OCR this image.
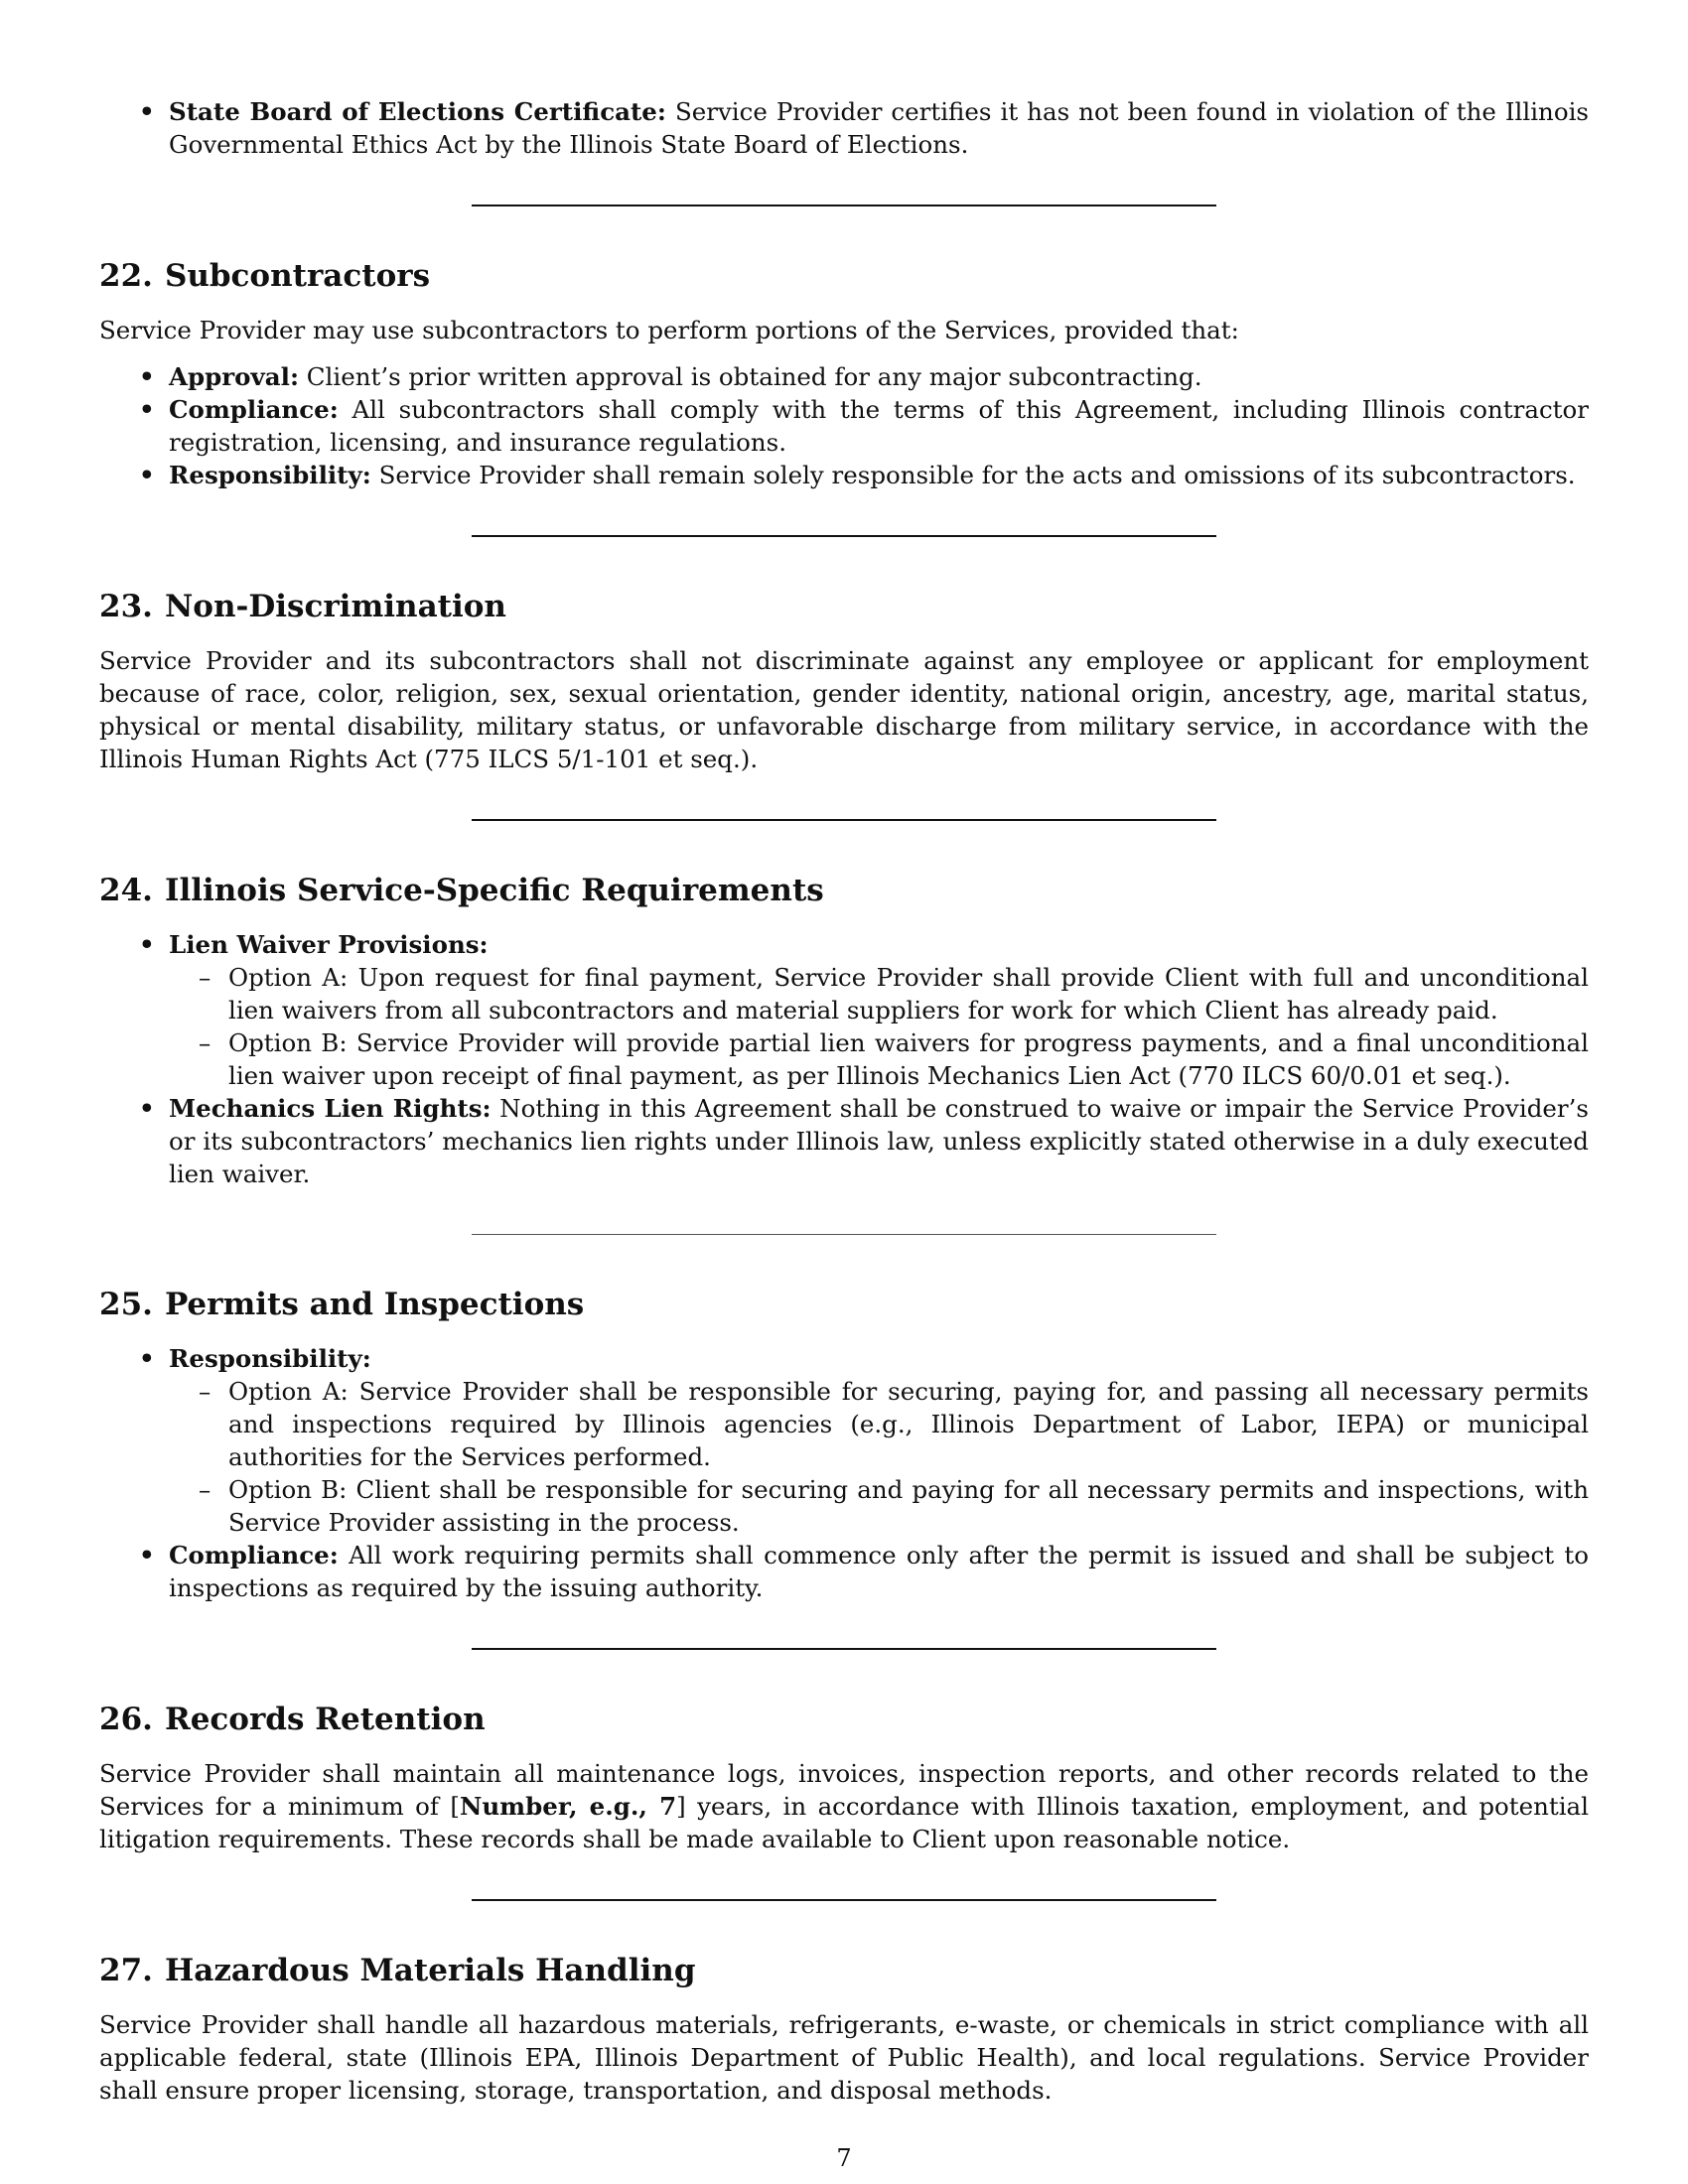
• State Board of Elections Certificate: Service Provider certifies it has not been found in violation of the Illinois Governmental Ethics Act by the Illinois State Board of Elections.
22. Subcontractors

Service Provider may use subcontractors to perform portions of the Services, provided that:

• Approval: Client’s prior written approval is obtained for any major subcontracting.
• Compliance: All subcontractors shall comply with the terms of this Agreement, including Illinois contractor registration, licensing, and insurance regulations.
• Responsibility: Service Provider shall remain solely responsible for the acts and omissions of its subcontractors.
23. Non-Discrimination

Service Provider and its subcontractors shall not discriminate against any employee or applicant for employment because of race, color, religion, sex, sexual orientation, gender identity, national origin, ancestry, age, marital status, physical or mental disability, military status, or unfavorable discharge from military service, in accordance with the Illinois Human Rights Act (775 ILCS 5/1-101 et seq.).

24. Illinois Service-Specific Requirements
• Lien Waiver Provisions:
– Option A: Upon request for final payment, Service Provider shall provide Client with full and unconditional lien waivers from all subcontractors and material suppliers for work for which Client has already paid.
– Option B: Service Provider will provide partial lien waivers for progress payments, and a final unconditional lien waiver upon receipt of final payment, as per Illinois Mechanics Lien Act (770 ILCS 60/0.01 et seq.).
• Mechanics Lien Rights: Nothing in this Agreement shall be construed to waive or impair the Service Provider’s or its subcontractors’ mechanics lien rights under Illinois law, unless explicitly stated otherwise in a duly executed lien waiver.
25. Permits and Inspections
• Responsibility:
– Option A: Service Provider shall be responsible for securing, paying for, and passing all necessary permits and inspections required by Illinois agencies (e.g., Illinois Department of Labor, IEPA) or municipal authorities for the Services performed.
– Option B: Client shall be responsible for securing and paying for all necessary permits and inspections, with Service Provider assisting in the process.
• Compliance: All work requiring permits shall commence only after the permit is issued and shall be subject to inspections as required by the issuing authority.
26. Records Retention

Service Provider shall maintain all maintenance logs, invoices, inspection reports, and other records related to the Services for a minimum of [Number, e.g., 7] years, in accordance with Illinois taxation, employment, and potential litigation requirements. These records shall be made available to Client upon reasonable notice.

27. Hazardous Materials Handling

Service Provider shall handle all hazardous materials, refrigerants, e-waste, or chemicals in strict compliance with all applicable federal, state (Illinois EPA, Illinois Department of Public Health), and local regulations. Service Provider shall ensure proper licensing, storage, transportation, and disposal methods.

7
